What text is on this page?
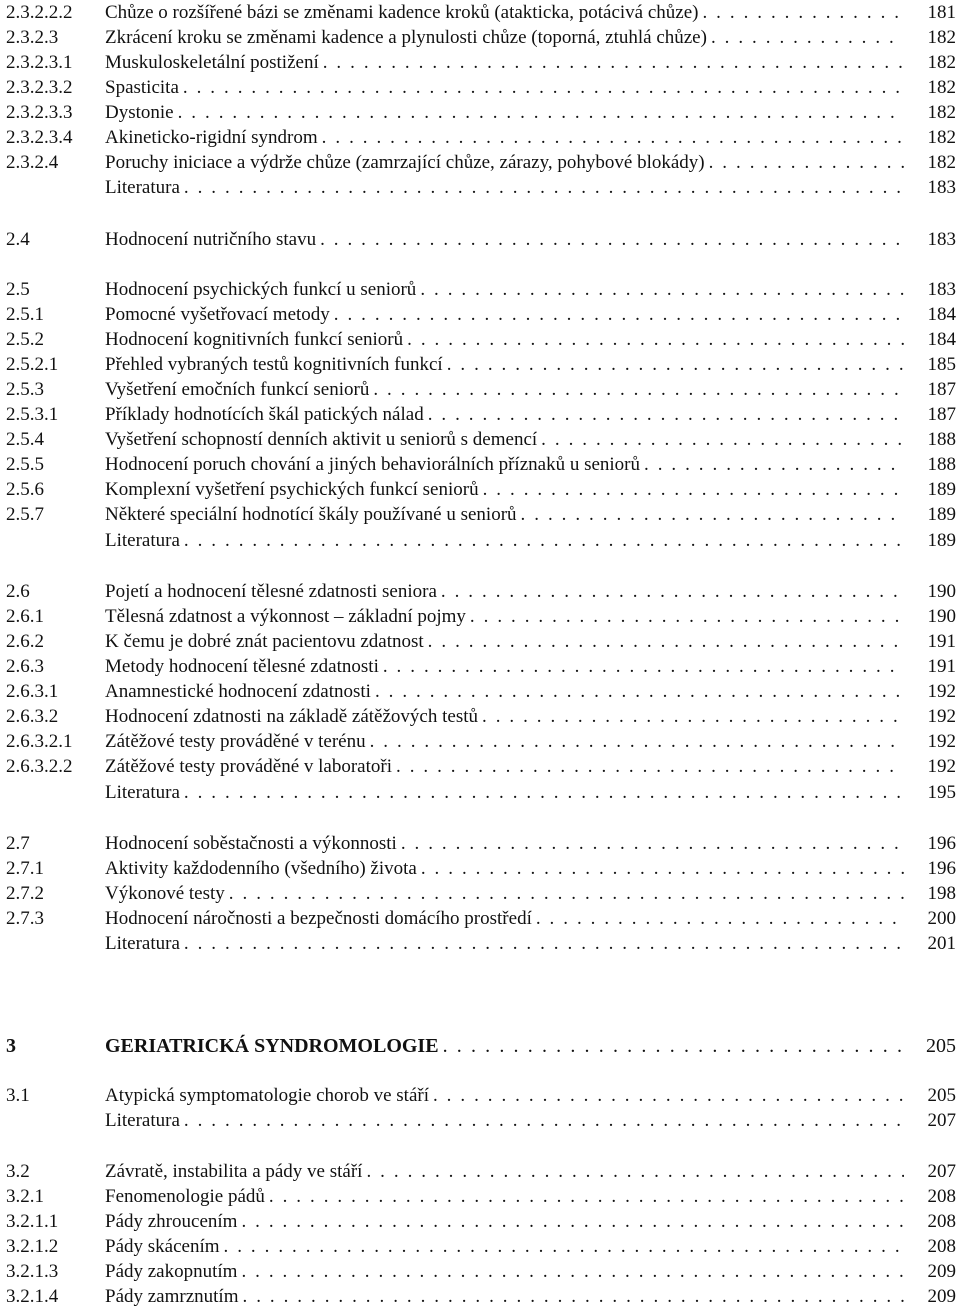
2.3.2.2.2 Chůze o rozšířené bázi se změnami kadence kroků (atakticka, potácivá chůze) . . .	181
2.3.2.3 Zkrácení kroku se změnami kadence a plynulosti chůze (toporná, ztuhlá chůze) . . .	182
2.3.2.3.1 Muskuloskeletální postižení . . .	182
2.3.2.3.2 Spasticita . . .	182
2.3.2.3.3 Dystonie . . .	182
2.3.2.3.4 Akineticko-rigidní syndrom . . .	182
2.3.2.4 Poruchy iniciace a výdrže chůze (zamrzající chůze, zárazy, pohybové blokády) . . .	182
Literatura . . .	183
2.4	Hodnocení nutričního stavu . . .	183
2.5	Hodnocení psychických funkcí u seniorů . . .	183
2.5.1	Pomocné vyšetřovací metody . . .	184
2.5.2	Hodnocení kognitivních funkcí seniorů . . .	184
2.5.2.1 Přehled vybraných testů kognitivních funkcí . . .	185
2.5.3	Vyšetření emočních funkcí seniorů . . .	187
2.5.3.1 Příklady hodnotících škál patických nálad . . .	187
2.5.4	Vyšetření schopností denních aktivit u seniorů s demencí . . .	188
2.5.5	Hodnocení poruch chování a jiných behaviorálních příznaků u seniorů . . .	188
2.5.6	Komplexní vyšetření psychických funkcí seniorů . . .	189
2.5.7	Některé speciální hodnotící škály používané u seniorů . . .	189
Literatura . . .	189
2.6	Pojetí a hodnocení tělesné zdatnosti seniora . . .	190
2.6.1	Tělesná zdatnost a výkonnost – základní pojmy . . .	190
2.6.2	K čemu je dobré znát pacientovu zdatnost . . .	191
2.6.3	Metody hodnocení tělesné zdatnosti . . .	191
2.6.3.1 Anamnestické hodnocení zdatnosti . . .	192
2.6.3.2 Hodnocení zdatnosti na základě zátěžových testů . . .	192
2.6.3.2.1 Zátěžové testy prováděné v terénu . . .	192
2.6.3.2.2 Zátěžové testy prováděné v laboratoři . . .	192
Literatura . . .	195
2.7	Hodnocení soběstačnosti a výkonnosti . . .	196
2.7.1	Aktivity každodenního (všedního) života . . .	196
2.7.2	Výkonové testy . . .	198
2.7.3	Hodnocení náročnosti a bezpečnosti domácího prostředí . . .	200
Literatura . . .	201
3	GERIATRICKÁ SYNDROMOLOGIE . . .	205
3.1	Atypická symptomatologie chorob ve stáří . . .	205
Literatura . . .	207
3.2	Závratě, instabilita a pády ve stáří . . .	207
3.2.1	Fenomenologie pádů . . .	208
3.2.1.1 Pády zhroucením . . .	208
3.2.1.2 Pády skácením . . .	208
3.2.1.3 Pády zakopnutím . . .	209
3.2.1.4 Pády zamrznutím . . .	209
